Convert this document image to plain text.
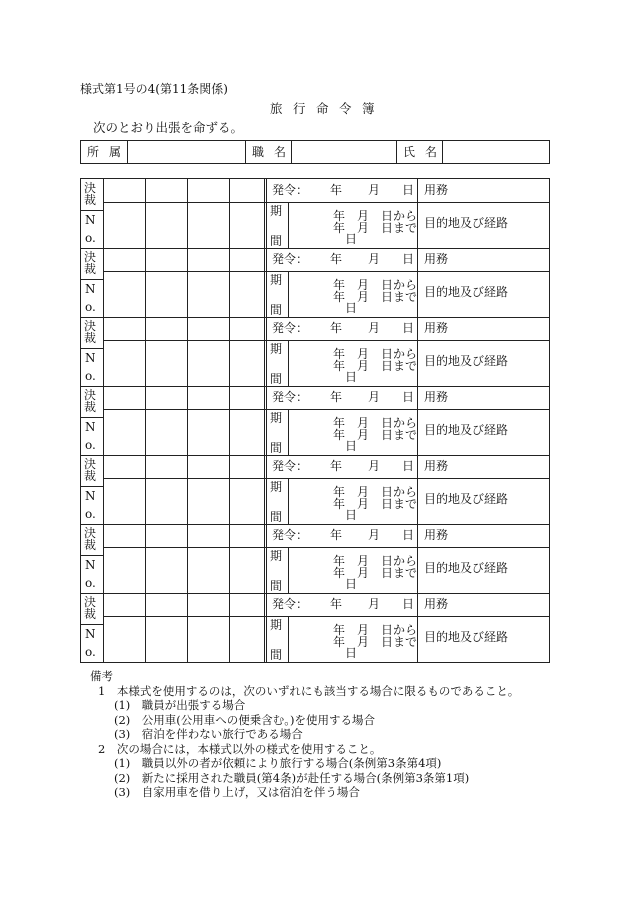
様式第1号の4(第11条関係)
旅行命令簿
次のとおり出張を命ずる。
所属	職名	氏名
決裁
N
o.
発令： 年 月 日 用務
期
間
年　月　日から
年　月　日まで
日
目的地及び経路
決裁
N
o.
発令： 年 月 日 用務
期
間
年　月　日から
年　月　日まで
日
目的地及び経路
決裁
N
o.
発令： 年 月 日 用務
期
間
年　月　日から
年　月　日まで
日
目的地及び経路
決裁
N
o.
発令： 年 月 日 用務
期
間
年　月　日から
年　月　日まで
日
目的地及び経路
決裁
N
o.
発令： 年 月 日 用務
期
間
年　月　日から
年　月　日まで
日
目的地及び経路
決裁
N
o.
発令： 年 月 日 用務
期
間
年　月　日から
年　月　日まで
日
目的地及び経路
決裁
N
o.
発令： 年 月 日 用務
期
間
年　月　日から
年　月　日まで
日
目的地及び経路
備考
1　本様式を使用するのは，次のいずれにも該当する場合に限るものであること。
(1)　職員が出張する場合
(2)　公用車(公用車への便乗含む。)を使用する場合
(3)　宿泊を伴わない旅行である場合
2　次の場合には，本様式以外の様式を使用すること。
(1)　職員以外の者が依頼により旅行する場合(条例第3条第4項)
(2)　新たに採用された職員(第4条)が赴任する場合(条例第3条第1項)
(3)　自家用車を借り上げ，又は宿泊を伴う場合
